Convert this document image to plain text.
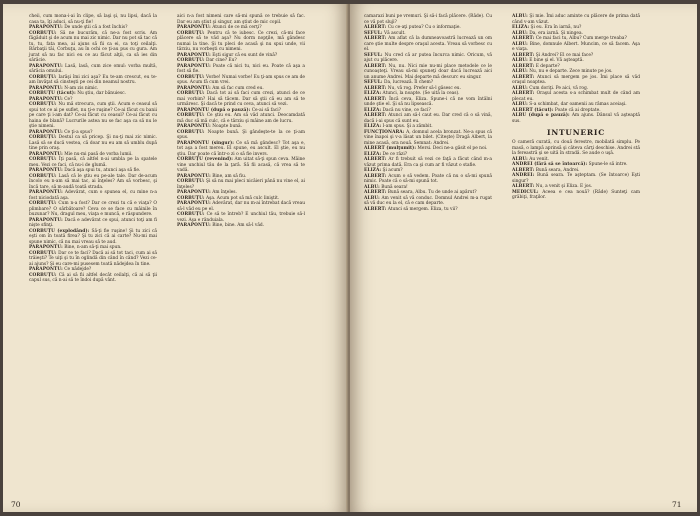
cheii, cum mona-i-ai în clipe, să laşi şi, nu lipsi, dacă la casa ta, îţi aduci, să nu-ţi fie!

PARAPONTU: De unde ştii că a fost închis?

CORBUȚU: Să ne bucurăm, că ne-a fost scris. Am făgăduit şi de acum nu mai zic nimic. Dar nu pot să tac că tu, tu, fata mea, ai ajuns să fii ca ei, ca toţi ceilalţi. Bărbaţii tăi, Corbuţu, au în ochi ce ţi-au pus cu gura. Am jurat să nu fac nici eu ce au făcut alţii, ca să ies din sărăcie.

PARAPONTU: Lasă, lasă, cum zice omul: vorba multă, sărăcia omului.

CORBUȚU: Iarăşi îmi zici aşa? Eu te-am crescut, eu te-am învăţat să cinsteşti pe cei din neamul nostru.

PARAPONTU: N-am zis nimic.

CORBUȚU (tăcut): Nu ştiu, dar bănuiesc.

PARAPONTU: Ce?

CORBUȚU: Nu mă strecura, cum ştii. Acum e ceasul să spui tot ce ai pe suflet, nu ţi-e ruşine? Ce-ai făcut cu banii pe care ţi i-am dat? Ce-ai făcut cu ceasul? Ce-ai făcut cu haina de blană? Lucrurile astea nu se fac aşa ca să nu le ştie nimeni.

PARAPONTU: Ce ţi-a spus?

CORBUȚU: Destul ca să pricep. Şi nu-ţi mai zic nimic. Lasă să se ducă vestea, că doar nu eu am să umblu după tine prin oraş.

PARAPONTU: Mie nu-mi pasă de vorba lumii.

CORBUȚU: Îţi pasă, că altfel n-ai umbla pe la spatele meu. Vezi ce faci, că nu-i de glumă.

PARAPONTU: Dacă aşa spui tu, atunci aşa să fie.

CORBUȚU: Lasă că le ştiu eu pe-ale tale. Dar de-acum încolo eu n-am să mai tac, ai înţeles? Am să vorbesc, şi încă tare, să m-audă toată strada.

PARAPONTU: Adevărat, cum o spunea el, cu mine n-a fost niciodată aşa.

CORBUȚU: Cum n-a fost? Dar ce crezi tu că e viaţa? O plimbare? O sărbătoare? Ceva ce se face cu mâinile în buzunar? Nu, dragul meu, viaţa e muncă, e răspundere.

PARAPONTU: Dacă e adevărat ce spui, atunci toţi am fi nişte sfinţi.

CORBUȚU (explodând): Să-ţi fie ruşine! Şi tu zici că eşti om în toată firea? Şi tu zici că ai carte? Nu-mi mai spune nimic, că nu mai vreau să te aud.

PARAPONTU: Bine, n-am să-ţi mai spun.

CORBUȚU: Dar ce te faci? Dacă ai să tot taci, cum ai să trăieşti? Te uiţi şi tu în oglindă din când în când? Vezi ce-ai ajuns? Şi eu care-mi pusesem toată nădejdea în tine.

PARAPONTU: Ce nădejde?

CORBUȚU: Că ai să fii altfel decât ceilalţi, că ai să ţii capul sus, că n-ai să te îndoi după vânt.

aici n-a fost nimeni care să-mi spună ce trebuie să fac. Dar eu am ştiut şi singur, am ştiut de mic copil.

PARAPONTU: Atunci de ce mă cerţi?

CORBUȚU: Pentru că te iubesc. Ce crezi, că-mi face plăcere să te văd aşa? Nu dorm nopţile, mă gândesc numai la tine. Şi tu pleci de acasă şi nu spui unde, vii târziu, nu vorbeşti cu nimeni.

PARAPONTU: Eşti sigur că eu sunt de vină?

CORBUȚU: Dar cine? Eu?

PARAPONTU: Poate că nici tu, nici eu. Poate că aşa a fost să fie.

CORBUȚU: Vorbe! Numai vorbe! Eu ţi-am spus ce am de spus. Acum fă cum vrei.

PARAPONTU: Am să fac cum cred eu.

CORBUȚU: Dacă tot ai să faci cum crezi, atunci de ce mai vorbim? Hai să tăcem. Dar să ştii că eu am să te urmăresc. Şi dacă te prind cu ceva, atunci să vezi.

PARAPONTU (după o pauză): Ce-ai să faci?

CORBUȚU: Ce ştiu eu. Am să văd atunci. Deocamdată mă duc să mă culc, că e târziu şi mâine am de lucru.

PARAPONTU: Noapte bună.

CORBUȚU: Noapte bună. Şi gândeşte-te la ce ţi-am spus.

PARAPONTU (singur): Ce să mă gândesc? Tot aşa e, tot aşa a fost mereu. El spune, eu ascult. El ştie, eu nu ştiu. Dar poate că într-o zi o să fie invers.

CORBUȚU (revenind): Am uitat să-ţi spun ceva. Mâine vine unchiul tău de la ţară. Să fii acasă, că vrea să te vadă.

PARAPONTU: Bine, am să fiu.

CORBUȚU: Şi să nu mai pleci nicăieri până nu vine el, ai înţeles?

PARAPONTU: Am înţeles.

CORBUȚU: Aşa. Acum pot să mă culc liniştit.

PARAPONTU: Adevărat, dar nu m-ai întrebat dacă vreau să-l văd eu pe el.

CORBUȚU: Ce să te întreb? E unchiul tău, trebuie să-l vezi. Aşa e rânduiala.

PARAPONTU: Bine, bine. Am să-l văd.

70

camarazi buni pe vremuri. Şi să-i facă plăcere. (Râde). Cu ce vă pot sluji?

ALBERT: Cu ce-aţi putea? Cu o informaţie.

SEFUL: Vă ascult.

ALBERT: Am aflat că la dumneavoastră lucrează un om care ştie multe despre oraşul acesta. Vreau să vorbesc cu el.

SEFUL: Nu cred că ar putea încurca nimic. Oricum, vă ajut cu plăcere.

ALBERT: Nu, nu. Nici mie nu-mi place metodele ce le cunoaşteţi. Vreau să-mi spuneţi doar dacă lucrează aici un anume Andrei. Mai departe mă descurc eu singur.

SEFUL: Da, lucrează. Îl chem?

ALBERT: Nu, vă rog. Prefer să-l găsesc eu.

ELIZA: Atunci, la noapte. (Se uită la ceas).

ALBERT: Încă ceva, Eliza. Spune-i că ne vom întâlni unde ştie el. Şi să nu lipsească.

ELIZA: Dacă nu vine, ce faci?

ALBERT: Atunci am să-l caut eu. Dar cred că o să vină, dacă i-ai spus că sunt eu.

ELIZA: I-am spus. Şi a zâmbit.

FUNCŢIONARA: A, domnul acela bronzat. Ne-a spus că vine înapoi şi v-a lăsat un bilet. (Citeşte) Dragă Albert, la mine acasă, ora nouă. Semnat: Andrei.

ALBERT (mulţumit): Mersi. Deci ne-a găsit el pe noi.

ELIZA: De ce râzi?

ALBERT: Ar fi trebuit să vezi ce faţă a făcut când m-a văzut prima dată. Era ca şi cum ar fi văzut o stafie.

ELIZA: Şi acum?

ALBERT: Acum o să vedem. Poate că nu o să-mi spună nimic. Poate că o să-mi spună tot.

ALBU: Bună seara!

ALBERT: Bună seara, Albu. Tu de unde ai apărut?

ALBU: Am venit să vă conduc. Domnul Andrei m-a rugat să vă duc eu la el, că e cam departe.

ALBERT: Atunci să mergem. Eliza, tu vii?

ALBU: Şi mie. Îmi aduc aminte cu plăcere de prima dată când v-am văzut.

ELIZA: Şi eu. Era în iarnă, nu?

ALBU: Da, era iarnă. Şi ningea.

ALBERT: Ce mai faci tu, Albu? Cum merge treaba?

ALBU: Bine, domnule Albert. Muncim, ce să facem. Aşa e viaţa.

ALBERT: Şi Andrei? El ce mai face?

ALBU: E bine şi el. Vă aşteaptă.

ALBERT: E departe?

ALBU: Nu, nu e departe. Zece minute pe jos.

ALBERT: Atunci să mergem pe jos. Îmi place să văd oraşul noaptea.

ALBU: Cum doriţi. Pe aici, vă rog.

ALBERT: Oraşul acesta s-a schimbat mult de când am plecat eu.

ALBU: S-a schimbat, dar oamenii au rămas aceiaşi.

ALBERT (tăcut): Poate că ai dreptate.

ALBU (după o pauză): Am ajuns. Dânsul vă aşteaptă sus.

INTUNERIC

O cameră curată, cu două ferestre, mobilată simplu. Pe masă, o lampă aprinsă şi câteva cărţi deschise. Andrei stă la fereastră şi se uită în stradă. Se aude o uşă.

ALBU: Au venit.

ANDREI (fără să se întoarcă): Spune-le să intre.

ALBERT: Bună seara, Andrei.

ANDREI: Bună seara. Te aşteptam. (Se întoarce) Eşti singur?

ALBERT: Nu, a venit şi Eliza. E jos.

MEDICUL: Aceea e cea nouă? (Râde) Sunteţi cam grăbiţi, fraţilor.

71
